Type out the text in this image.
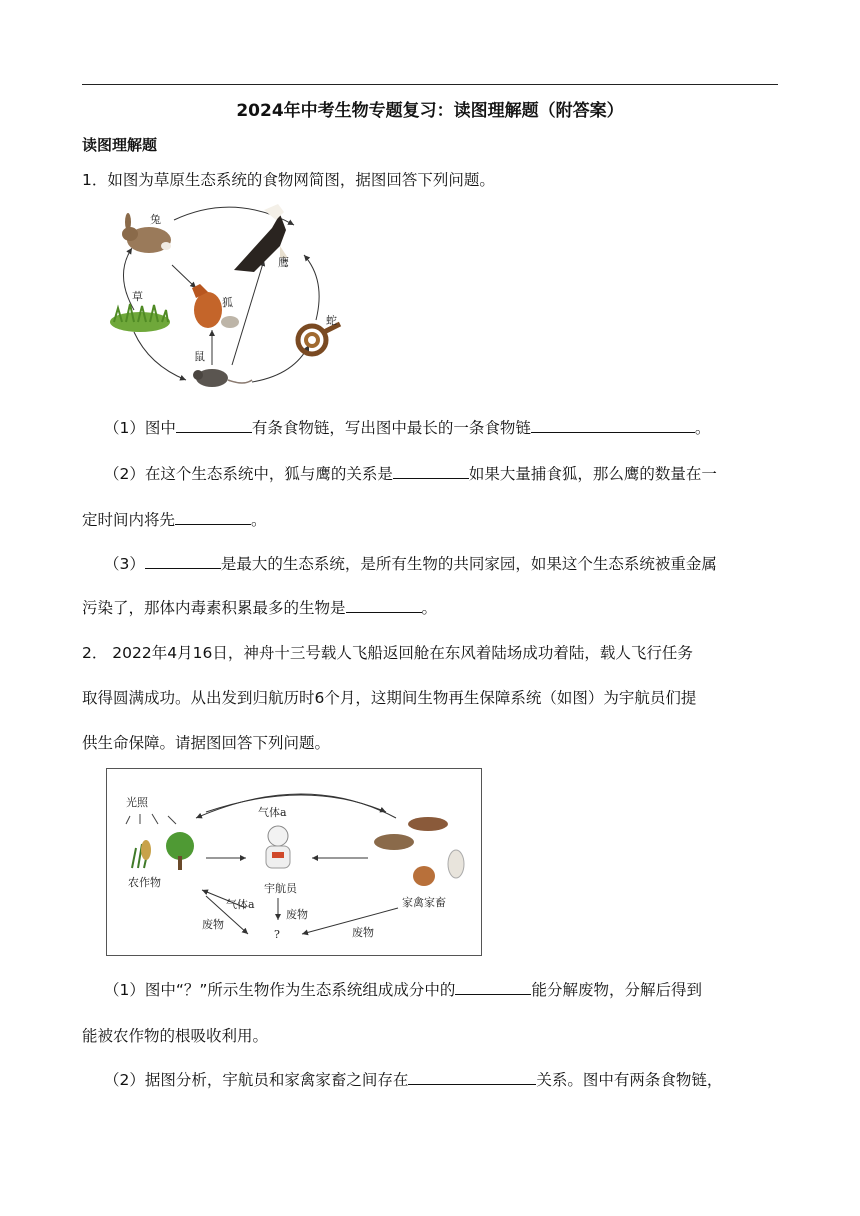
2024年中考生物专题复习：读图理解题（附答案）
读图理解题
1．如图为草原生态系统的食物网简图，据图回答下列问题。
兔
鹰
草	狐
蛇
鼠
（1）图中	有条食物链，写出图中最长的一条食物链	。
（2）在这个生态系统中，狐与鹰的关系是	如果大量捕食狐，那么鹰的数量在一
定时间内将先	。
（3）	是最大的生态系统，是所有生物的共同家园，如果这个生态系统被重金属
污染了，那体内毒素积累最多的生物是	。
2． 2022年4月16日，神舟十三号载人飞船返回舱在东风着陆场成功着陆，载人飞行任务
取得圆满成功。从出发到归航历时6个月，这期间生物再生保障系统（如图）为宇航员们提
供生命保障。请据图回答下列问题。
光照
气体a
农作物	宇航员
家禽家畜
气体a
废物
废物
?	废物
（1）图中“？”所示生物作为生态系统组成成分中的	能分解废物，分解后得到
能被农作物的根吸收利用。
（2）据图分析，宇航员和家禽家畜之间存在	关系。图中有两条食物链，
